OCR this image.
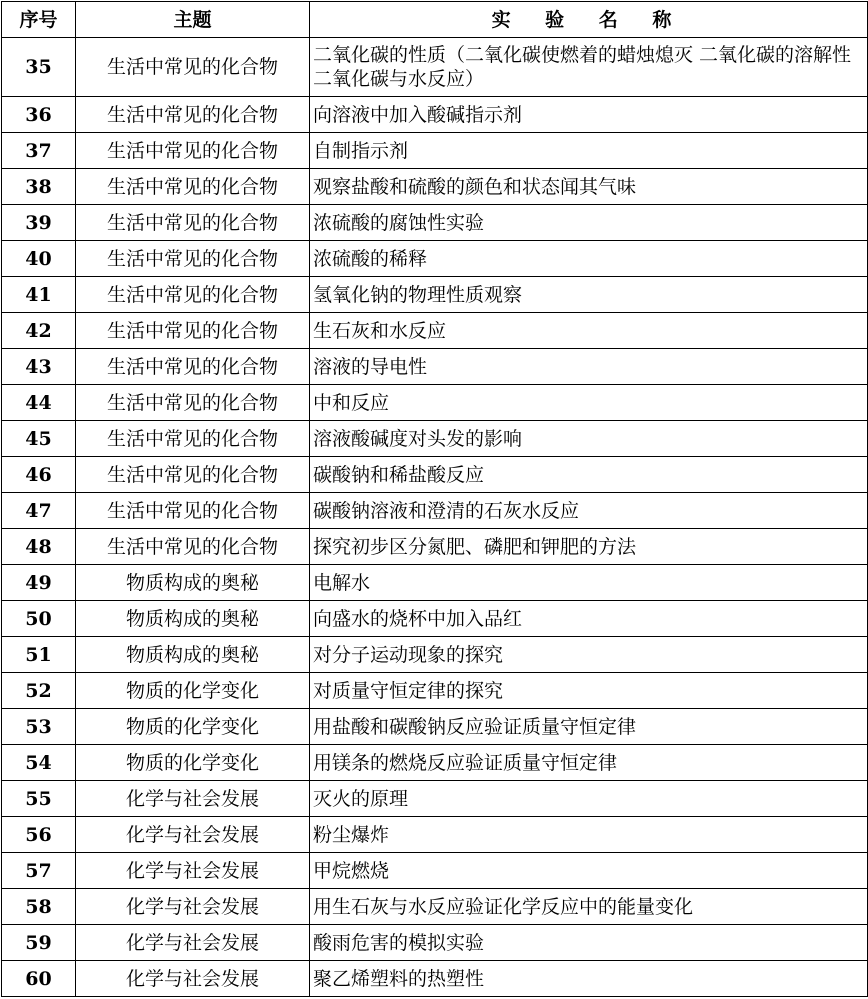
序号	主题	实 验 名 称
35	生活中常见的化合物	二氧化碳的性质（二氧化碳使燃着的蜡烛熄灭 二氧化碳的溶解性 二氧化碳与水反应）
36	生活中常见的化合物	向溶液中加入酸碱指示剂
37	生活中常见的化合物	自制指示剂
38	生活中常见的化合物	观察盐酸和硫酸的颜色和状态闻其气味
39	生活中常见的化合物	浓硫酸的腐蚀性实验
40	生活中常见的化合物	浓硫酸的稀释
41	生活中常见的化合物	氢氧化钠的物理性质观察
42	生活中常见的化合物	生石灰和水反应
43	生活中常见的化合物	溶液的导电性
44	生活中常见的化合物	中和反应
45	生活中常见的化合物	溶液酸碱度对头发的影响
46	生活中常见的化合物	碳酸钠和稀盐酸反应
47	生活中常见的化合物	碳酸钠溶液和澄清的石灰水反应
48	生活中常见的化合物	探究初步区分氮肥、磷肥和钾肥的方法
49	物质构成的奥秘	电解水
50	物质构成的奥秘	向盛水的烧杯中加入品红
51	物质构成的奥秘	对分子运动现象的探究
52	物质的化学变化	对质量守恒定律的探究
53	物质的化学变化	用盐酸和碳酸钠反应验证质量守恒定律
54	物质的化学变化	用镁条的燃烧反应验证质量守恒定律
55	化学与社会发展	灭火的原理
56	化学与社会发展	粉尘爆炸
57	化学与社会发展	甲烷燃烧
58	化学与社会发展	用生石灰与水反应验证化学反应中的能量变化
59	化学与社会发展	酸雨危害的模拟实验
60	化学与社会发展	聚乙烯塑料的热塑性
